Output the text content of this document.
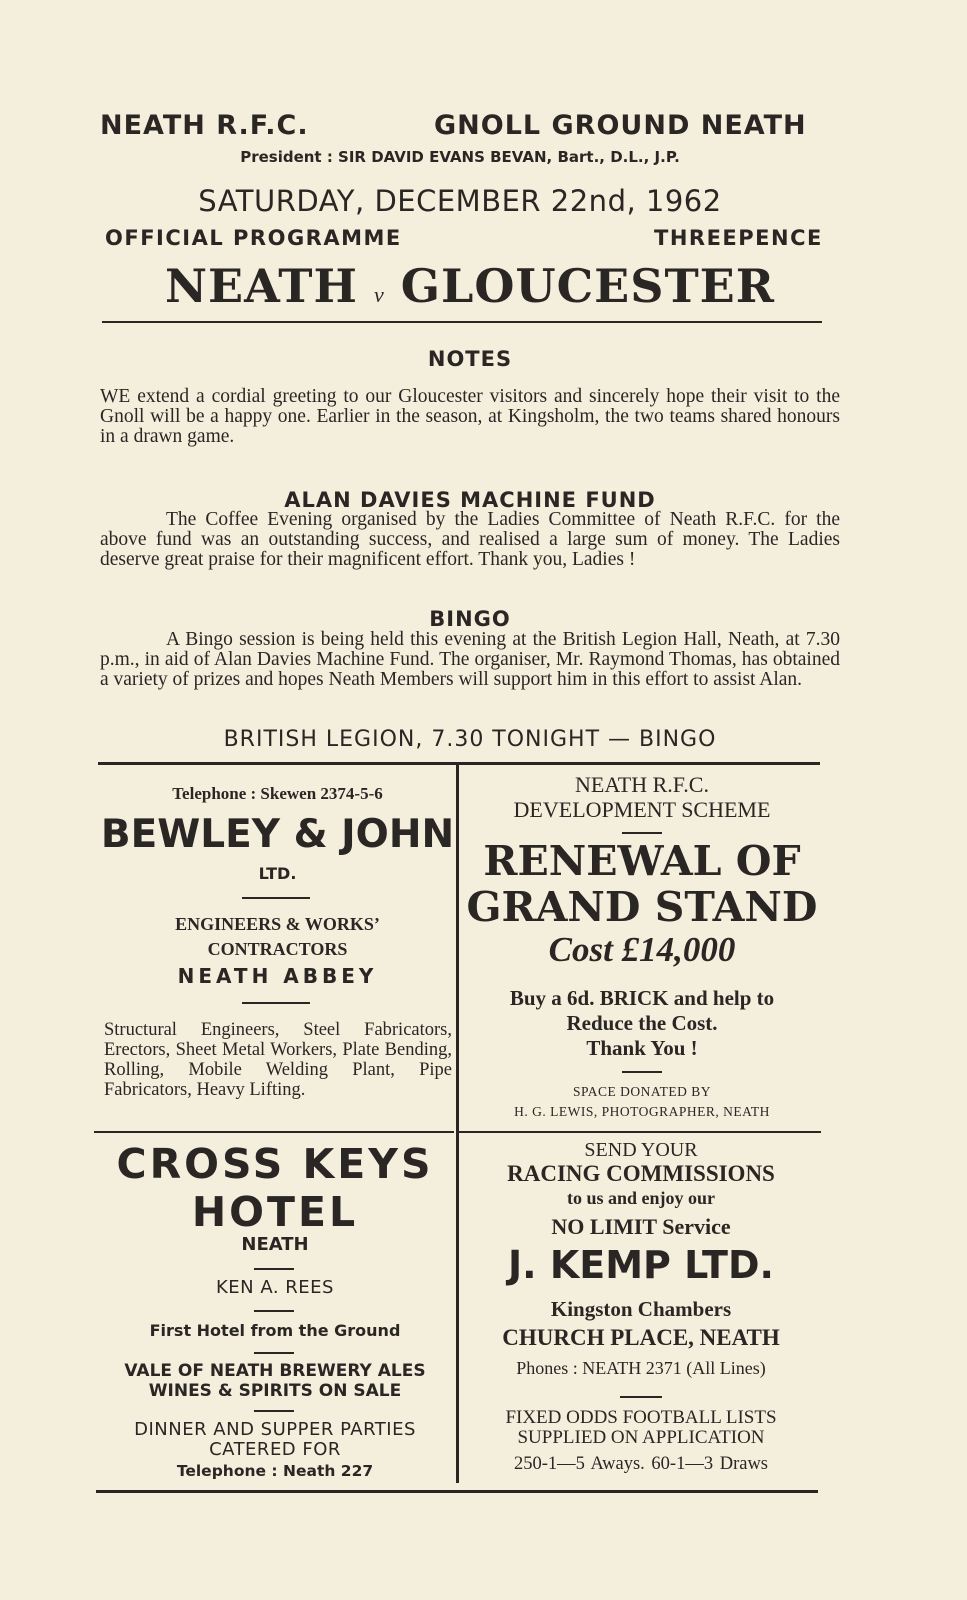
NEATH R.F.C.	GNOLL GROUND NEATH
President : SIR DAVID EVANS BEVAN, Bart., D.L., J.P.
SATURDAY, DECEMBER 22nd, 1962
OFFICIAL PROGRAMME	THREEPENCE
NEATH v GLOUCESTER
NOTES
WE extend a cordial greeting to our Gloucester visitors and sincerely hope their visit to the Gnoll will be a happy one. Earlier in the season, at Kingsholm, the two teams shared honours in a drawn game.
ALAN DAVIES MACHINE FUND
The Coffee Evening organised by the Ladies Committee of Neath R.F.C. for the above fund was an outstanding success, and realised a large sum of money. The Ladies deserve great praise for their magnificent effort. Thank you, Ladies !
BINGO
A Bingo session is being held this evening at the British Legion Hall, Neath, at 7.30 p.m., in aid of Alan Davies Machine Fund. The organiser, Mr. Raymond Thomas, has obtained a variety of prizes and hopes Neath Members will support him in this effort to assist Alan.
BRITISH LEGION, 7.30 TONIGHT — BINGO
Telephone : Skewen 2374-5-6
BEWLEY & JOHN
LTD.
ENGINEERS & WORKS’
CONTRACTORS
NEATH ABBEY
Structural Engineers, Steel Fabricators, Erectors, Sheet Metal Workers, Plate Bending, Rolling, Mobile Welding Plant, Pipe Fabricators, Heavy Lifting.
NEATH R.F.C.
DEVELOPMENT SCHEME
RENEWAL OF
GRAND STAND
Cost £14,000
Buy a 6d. BRICK and help to
Reduce the Cost.
Thank You !
SPACE DONATED BY
H. G. LEWIS, PHOTOGRAPHER, NEATH
CROSS KEYS
HOTEL
NEATH
KEN A. REES
First Hotel from the Ground
VALE OF NEATH BREWERY ALES
WINES & SPIRITS ON SALE
DINNER AND SUPPER PARTIES
CATERED FOR
Telephone : Neath 227
SEND YOUR
RACING COMMISSIONS
to us and enjoy our
NO LIMIT Service
J. KEMP LTD.
Kingston Chambers
CHURCH PLACE, NEATH
Phones : NEATH 2371 (All Lines)
FIXED ODDS FOOTBALL LISTS
SUPPLIED ON APPLICATION
250-1—5 Aways. 60-1—3 Draws
